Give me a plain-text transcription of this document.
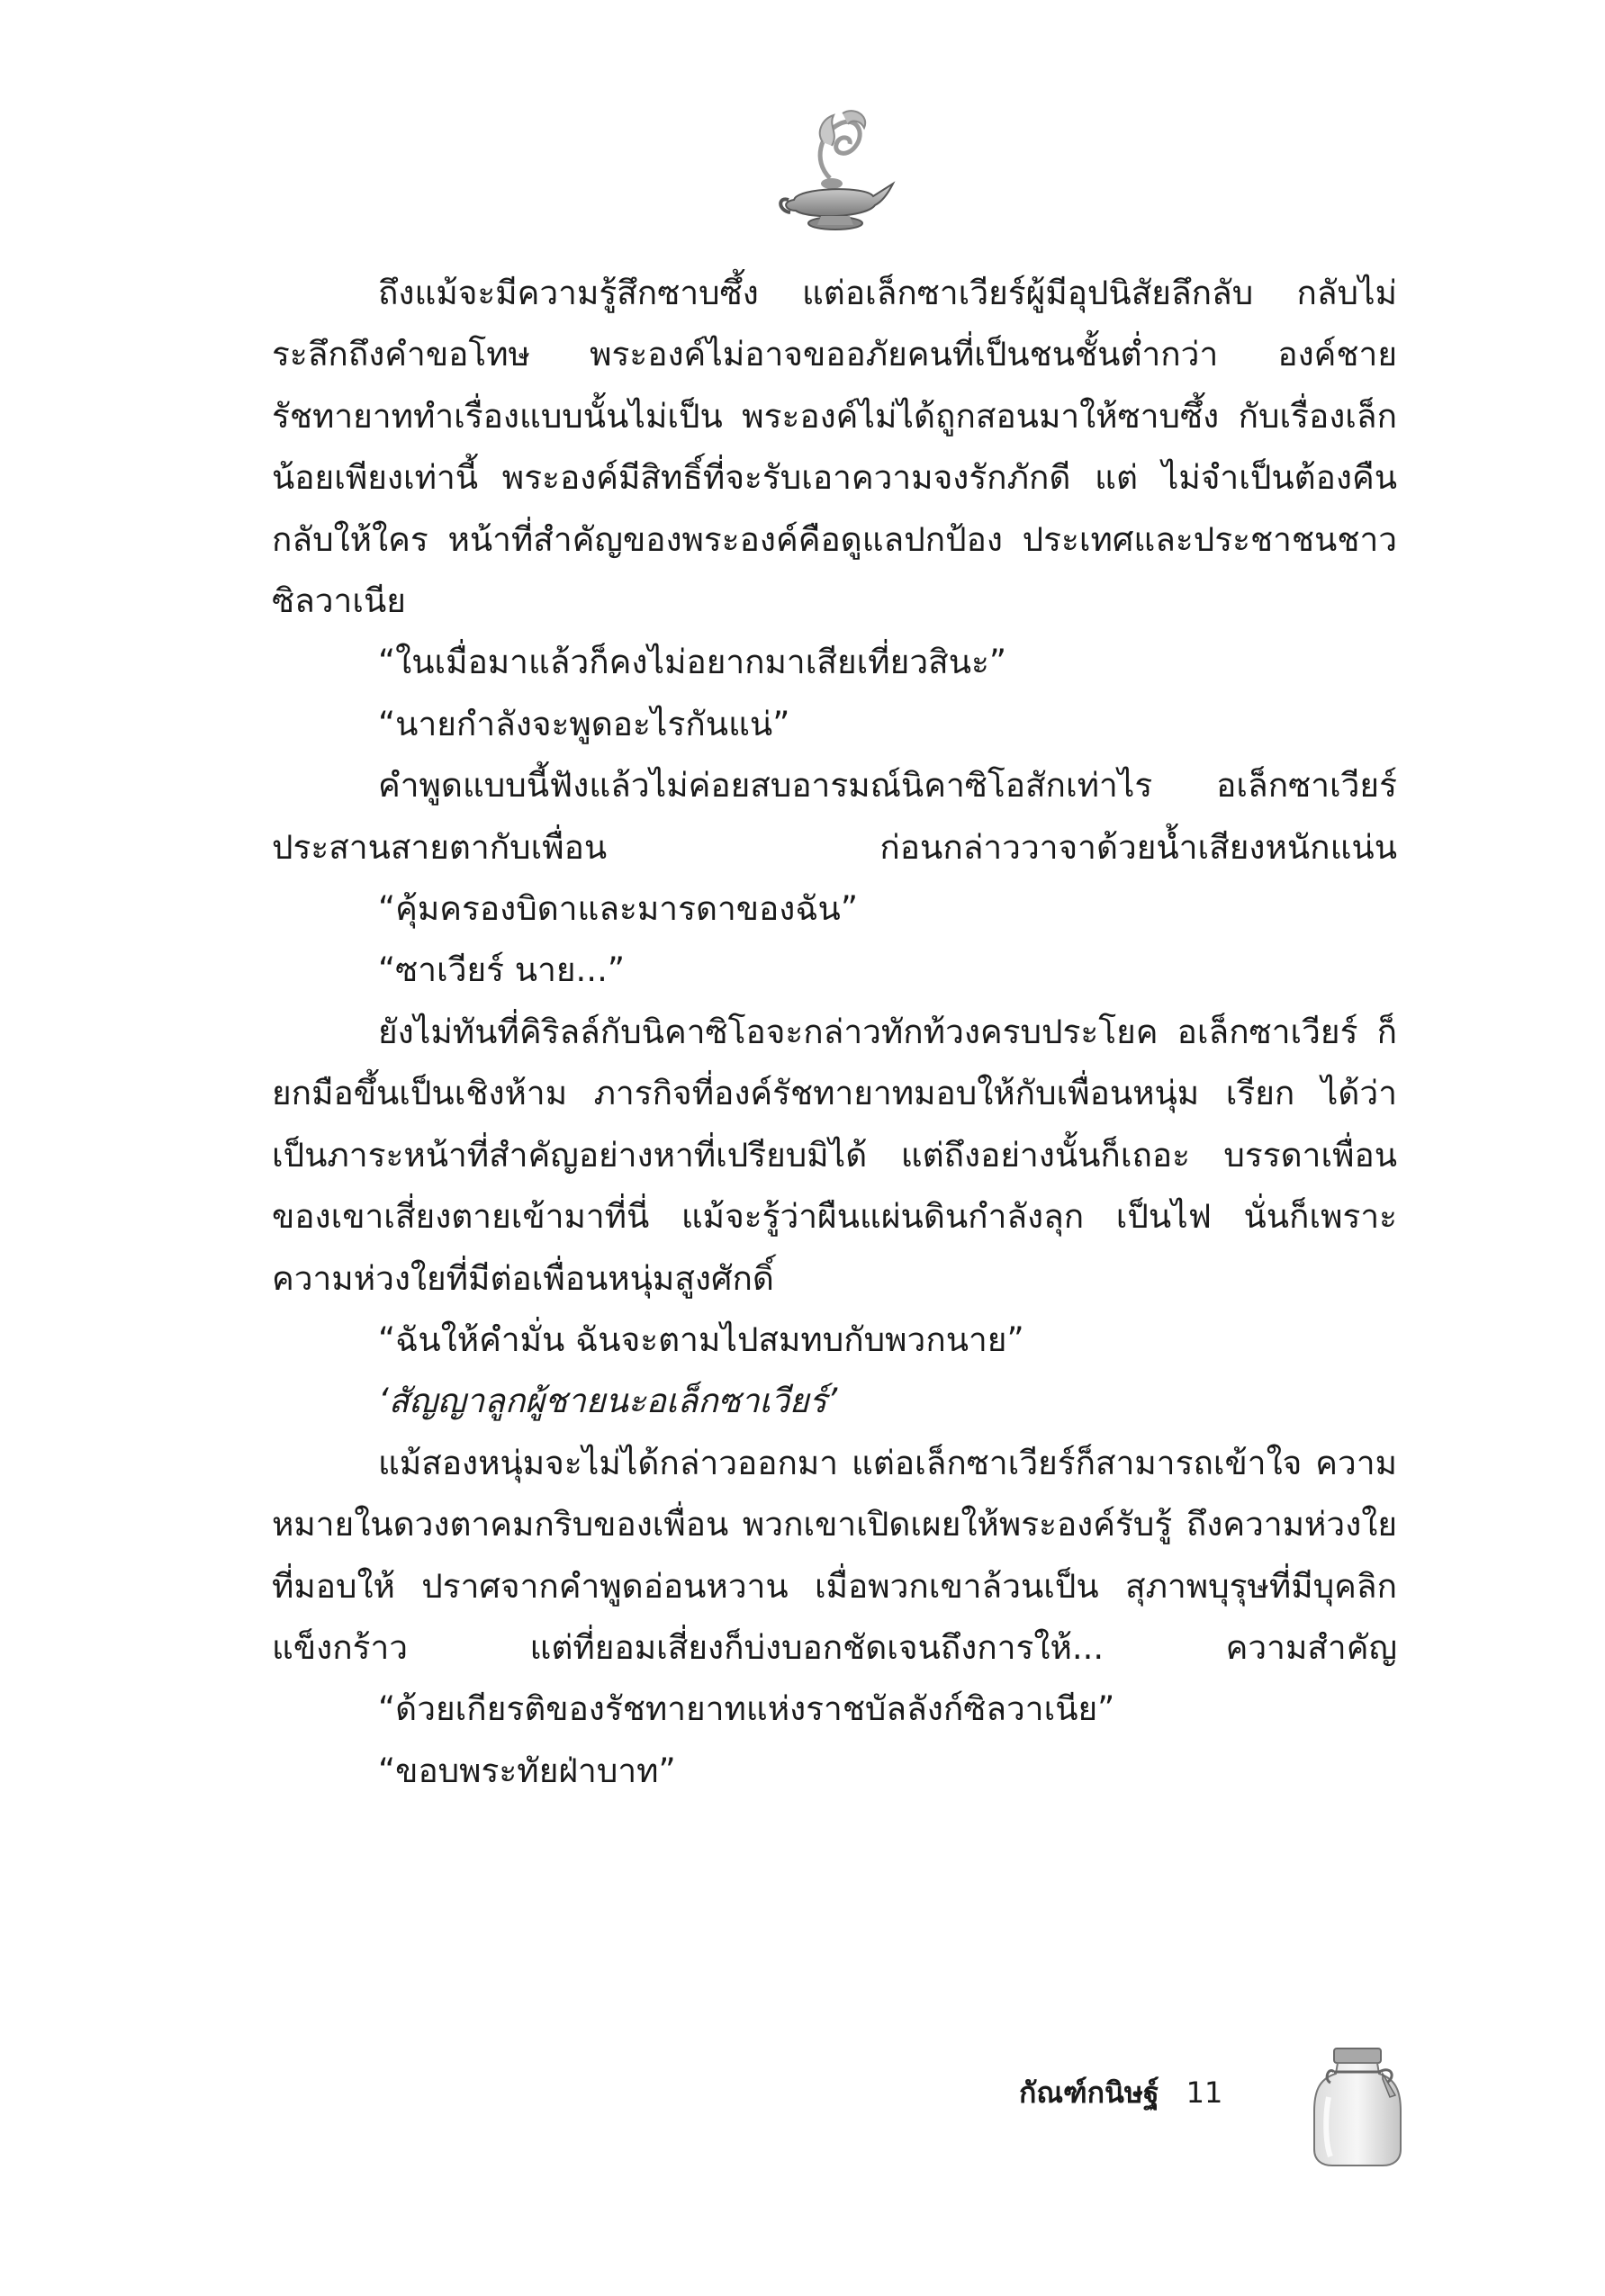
ถึงแม้จะมีความรู้สึกซาบซึ้ง แต่อเล็กซาเวียร์ผู้มีอุปนิสัยลึกลับ กลับไม่ระลึกถึงคำขอโทษ พระองค์ไม่อาจขออภัยคนที่เป็นชนชั้นต่ำกว่า องค์ชายรัชทายาททำเรื่องแบบนั้นไม่เป็น พระองค์ไม่ได้ถูกสอนมาให้ซาบซึ้ง กับเรื่องเล็กน้อยเพียงเท่านี้ พระองค์มีสิทธิ์ที่จะรับเอาความจงรักภักดี แต่ ไม่จำเป็นต้องคืนกลับให้ใคร หน้าที่สำคัญของพระองค์คือดูแลปกป้อง ประเทศและประชาชนชาวซิลวาเนีย

“ในเมื่อมาแล้วก็คงไม่อยากมาเสียเที่ยวสินะ”

“นายกำลังจะพูดอะไรกันแน่”

คำพูดแบบนี้ฟังแล้วไม่ค่อยสบอารมณ์นิคาซิโอสักเท่าไร อเล็กซาเวียร์ ประสานสายตากับเพื่อน ก่อนกล่าววาจาด้วยน้ำเสียงหนักแน่น

“คุ้มครองบิดาและมารดาของฉัน”

“ซาเวียร์ นาย...”

ยังไม่ทันที่คิริลล์กับนิคาซิโอจะกล่าวทักท้วงครบประโยค อเล็กซาเวียร์ ก็ยกมือขึ้นเป็นเชิงห้าม ภารกิจที่องค์รัชทายาทมอบให้กับเพื่อนหนุ่ม เรียก ได้ว่าเป็นภาระหน้าที่สำคัญอย่างหาที่เปรียบมิได้ แต่ถึงอย่างนั้นก็เถอะ บรรดาเพื่อนของเขาเสี่ยงตายเข้ามาที่นี่ แม้จะรู้ว่าผืนแผ่นดินกำลังลุก เป็นไฟ นั่นก็เพราะความห่วงใยที่มีต่อเพื่อนหนุ่มสูงศักดิ์

“ฉันให้คำมั่น ฉันจะตามไปสมทบกับพวกนาย”

‘สัญญาลูกผู้ชายนะอเล็กซาเวียร์’

แม้สองหนุ่มจะไม่ได้กล่าวออกมา แต่อเล็กซาเวียร์ก็สามารถเข้าใจ ความหมายในดวงตาคมกริบของเพื่อน พวกเขาเปิดเผยให้พระองค์รับรู้ ถึงความห่วงใยที่มอบให้ ปราศจากคำพูดอ่อนหวาน เมื่อพวกเขาล้วนเป็น สุภาพบุรุษที่มีบุคลิกแข็งกร้าว แต่ที่ยอมเสี่ยงก็บ่งบอกชัดเจนถึงการให้...	ความสำคัญ

“ด้วยเกียรติของรัชทายาทแห่งราชบัลลังก์ซิลวาเนีย”

“ขอบพระทัยฝ่าบาท”

กัณฑ์กนิษฐ์ 11
